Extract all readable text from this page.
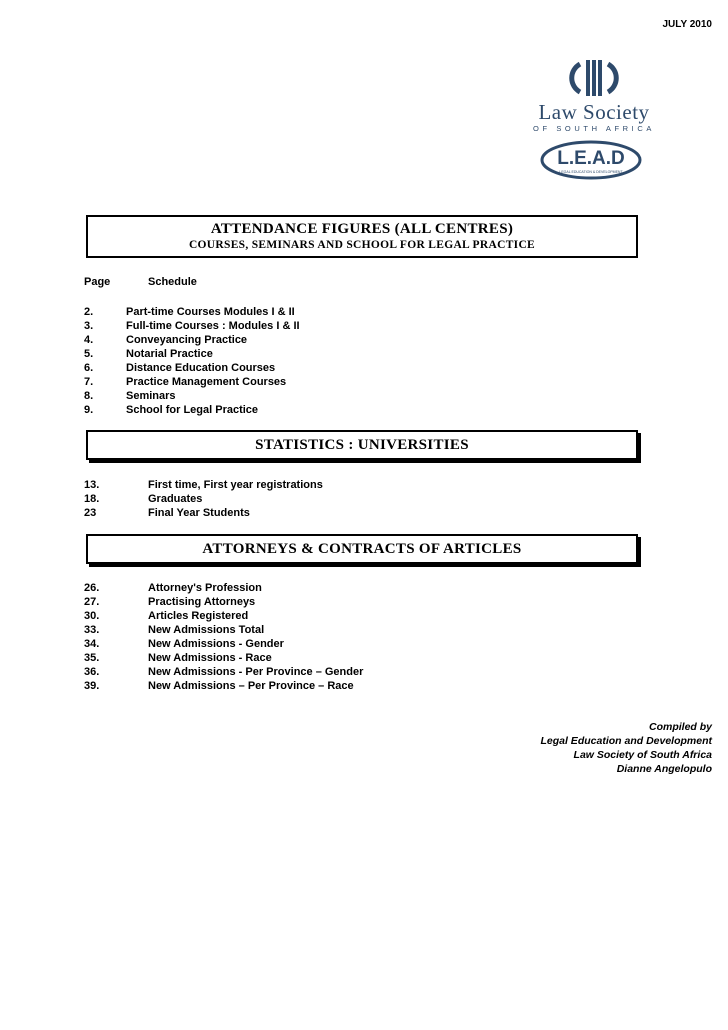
JULY 2010
Law Society
OF SOUTH AFRICA
L.E.A.D
LEGAL EDUCATION & DEVELOPMENT
ATTENDANCE FIGURES (ALL CENTRES)
COURSES, SEMINARS AND SCHOOL FOR LEGAL PRACTICE
Page	Schedule
2.	Part-time Courses Modules I & II
3.	Full-time Courses : Modules I & II
4.	Conveyancing Practice
5.	Notarial Practice
6.	Distance Education Courses
7.	Practice Management Courses
8.	Seminars
9.	School for Legal Practice
STATISTICS : UNIVERSITIES
13.	First time, First year registrations
18.	Graduates
23	Final Year Students
ATTORNEYS & CONTRACTS OF ARTICLES
26.	Attorney's Profession
27.	Practising Attorneys
30.	Articles Registered
33.	New Admissions Total
34.	New Admissions - Gender
35.	New Admissions - Race
36.	New Admissions - Per Province – Gender
39.	New Admissions – Per Province – Race
Compiled by
Legal Education and Development
Law Society of South Africa
Dianne Angelopulo
